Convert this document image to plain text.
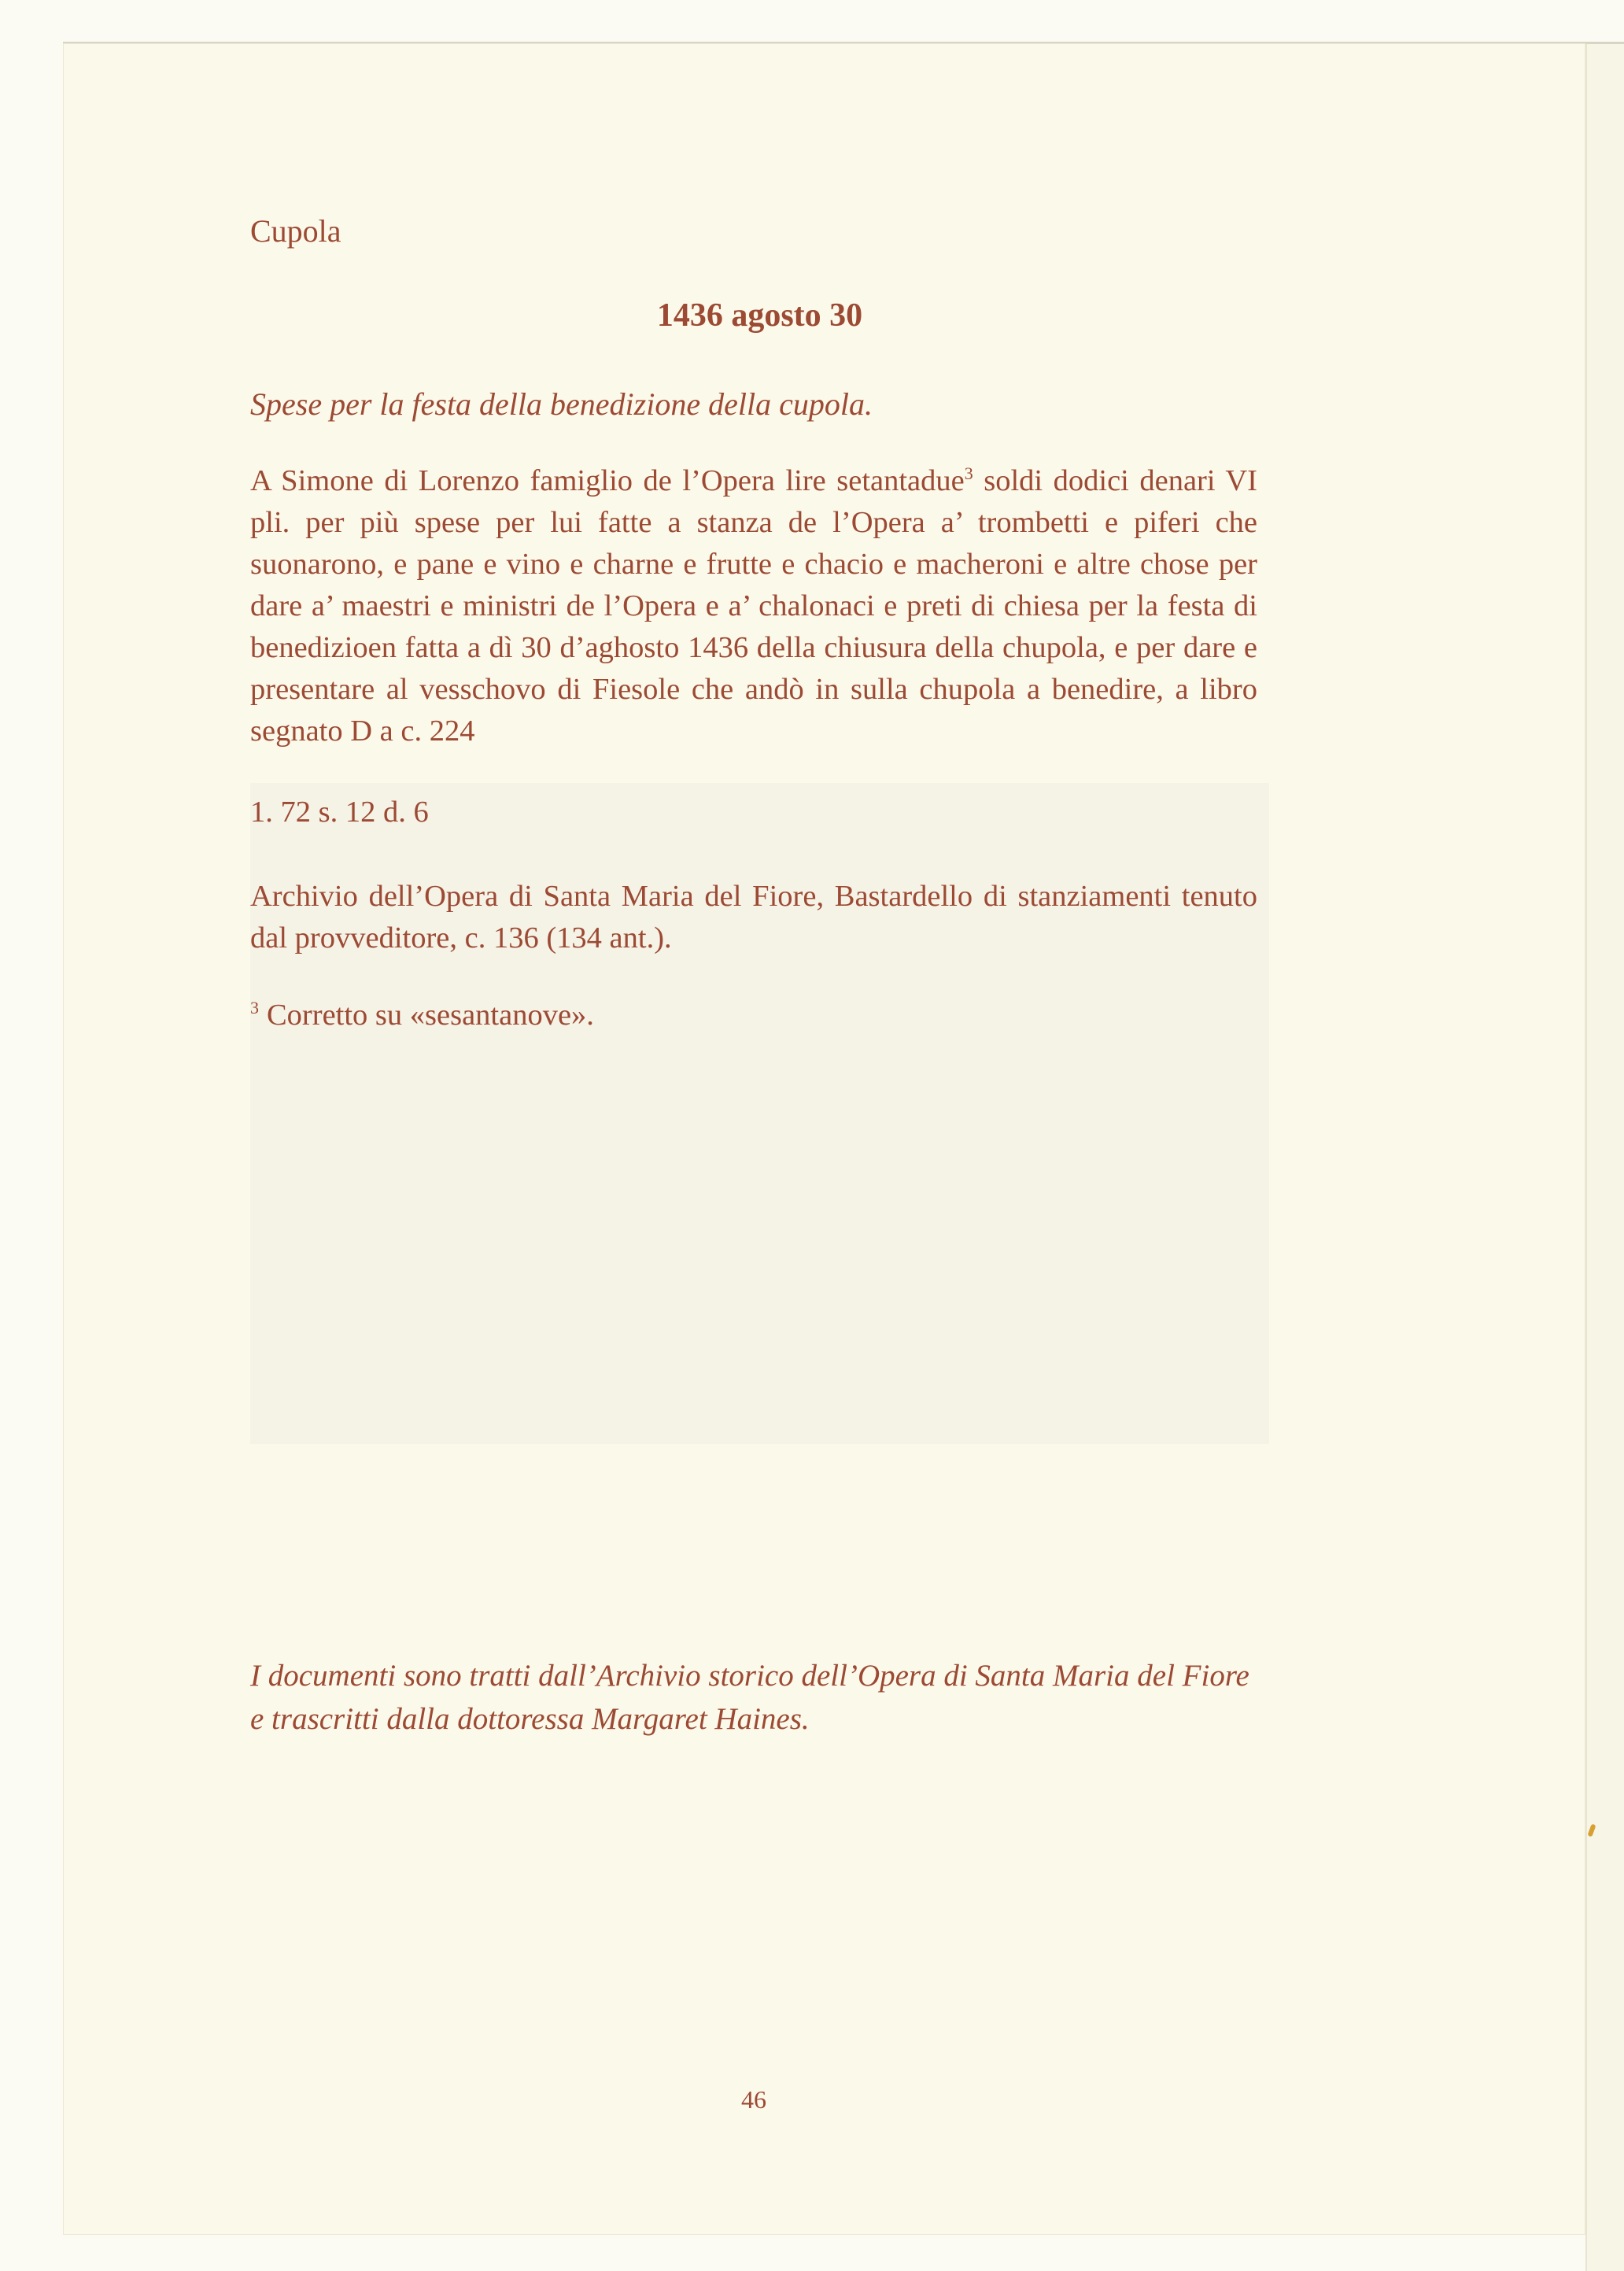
Cupola

1436 agosto 30

Spese per la festa della benedizione della cupola.

A Simone di Lorenzo famiglio de l’Opera lire setantadue$^3$ soldi dodici denari VI pli. per più spese per lui fatte a stanza de l’Opera a’ trombetti e piferi che suonarono, e pane e vino e charne e frutte e chacio e macheroni e altre chose per dare a’ maestri e ministri de l’Opera e a’ chalonaci e preti di chiesa per la festa di benedizioen fatta a dì 30 d’aghosto 1436 della chiusura della chupola, e per dare e presentare al vesschovo di Fiesole che andò in sulla chupola a benedire, a libro segnato D a c. 224

1. 72 s. 12 d. 6

Archivio dell’Opera di Santa Maria del Fiore, Bastardello di stanziamenti tenuto dal provveditore, c. 136 (134 ant.).

$^3$ Corretto su «sesantanove».

I documenti sono tratti dall’Archivio storico dell’Opera di Santa Maria del Fiore e trascritti dalla dottoressa Margaret Haines.

46
